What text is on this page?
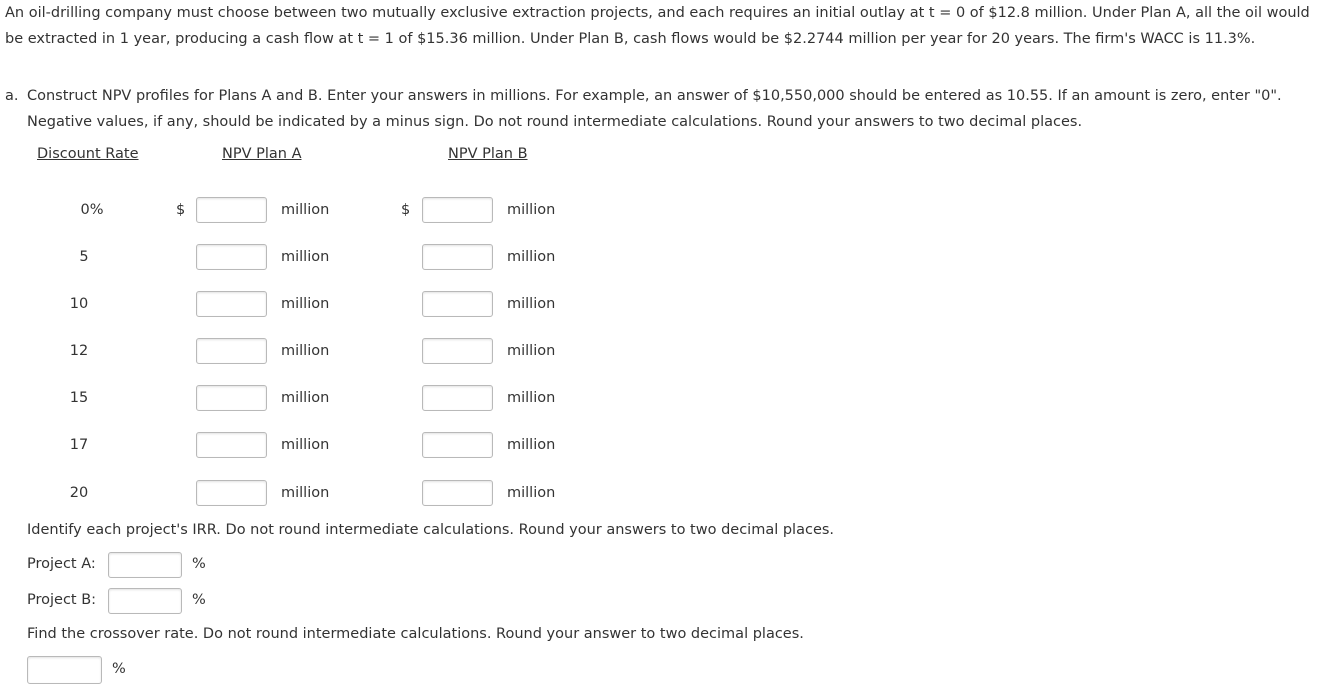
An oil-drilling company must choose between two mutually exclusive extraction projects, and each requires an initial outlay at t = 0 of $12.8 million. Under Plan A, all the oil would be extracted in 1 year, producing a cash flow at t = 1 of $15.36 million. Under Plan B, cash flows would be $2.2744 million per year for 20 years. The firm's WACC is 11.3%.

a. Construct NPV profiles for Plans A and B. Enter your answers in millions. For example, an answer of $10,550,000 should be entered as 10.55. If an amount is zero, enter "0". Negative values, if any, should be indicated by a minus sign. Do not round intermediate calculations. Round your answers to two decimal places.

Discount Rate	NPV Plan A	NPV Plan B
0%	$	million	$	million
5	million	million
10	million	million
12	million	million
15	million	million
17	million	million
20	million	million
Identify each project's IRR. Do not round intermediate calculations. Round your answers to two decimal places.
Project A:	%
Project B:	%
Find the crossover rate. Do not round intermediate calculations. Round your answer to two decimal places.
%
